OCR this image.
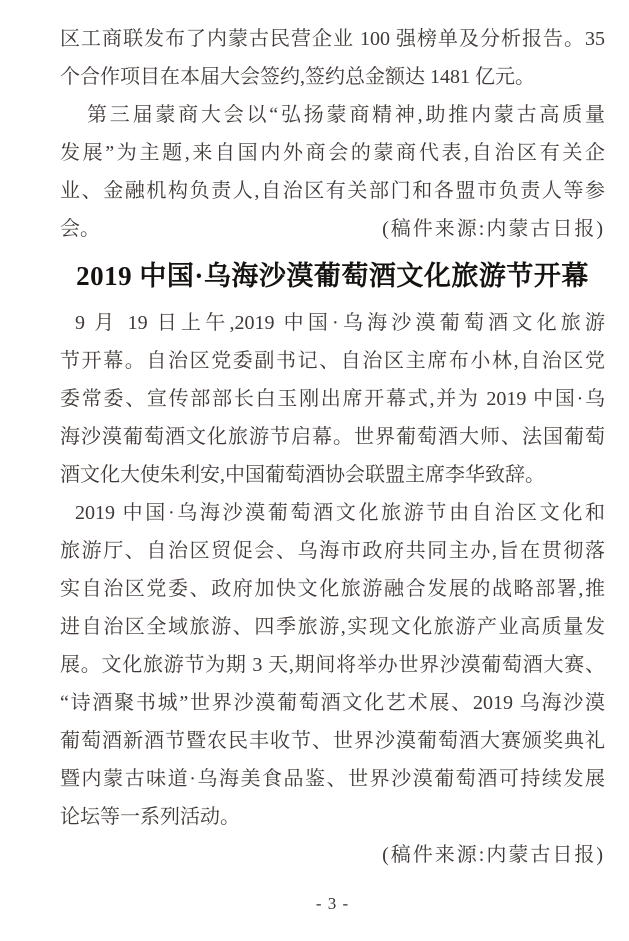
区工商联发布了内蒙古民营企业 100 强榜单及分析报告。35
个合作项目在本届大会签约,签约总金额达 1481 亿元。
第三届蒙商大会以“弘扬蒙商精神,助推内蒙古高质量
发展”为主题,来自国内外商会的蒙商代表,自治区有关企
业、金融机构负责人,自治区有关部门和各盟市负责人等参
会。	(稿件来源:内蒙古日报)
2019 中国·乌海沙漠葡萄酒文化旅游节开幕
9 月 19 日上午,2019 中国·乌海沙漠葡萄酒文化旅游
节开幕。自治区党委副书记、自治区主席布小林,自治区党
委常委、宣传部部长白玉刚出席开幕式,并为 2019 中国·乌
海沙漠葡萄酒文化旅游节启幕。世界葡萄酒大师、法国葡萄
酒文化大使朱利安,中国葡萄酒协会联盟主席李华致辞。
2019 中国·乌海沙漠葡萄酒文化旅游节由自治区文化和
旅游厅、自治区贸促会、乌海市政府共同主办,旨在贯彻落
实自治区党委、政府加快文化旅游融合发展的战略部署,推
进自治区全域旅游、四季旅游,实现文化旅游产业高质量发
展。文化旅游节为期 3 天,期间将举办世界沙漠葡萄酒大赛、
“诗酒聚书城”世界沙漠葡萄酒文化艺术展、2019 乌海沙漠
葡萄酒新酒节暨农民丰收节、世界沙漠葡萄酒大赛颁奖典礼
暨内蒙古味道·乌海美食品鉴、世界沙漠葡萄酒可持续发展
论坛等一系列活动。
(稿件来源:内蒙古日报)
- 3 -
